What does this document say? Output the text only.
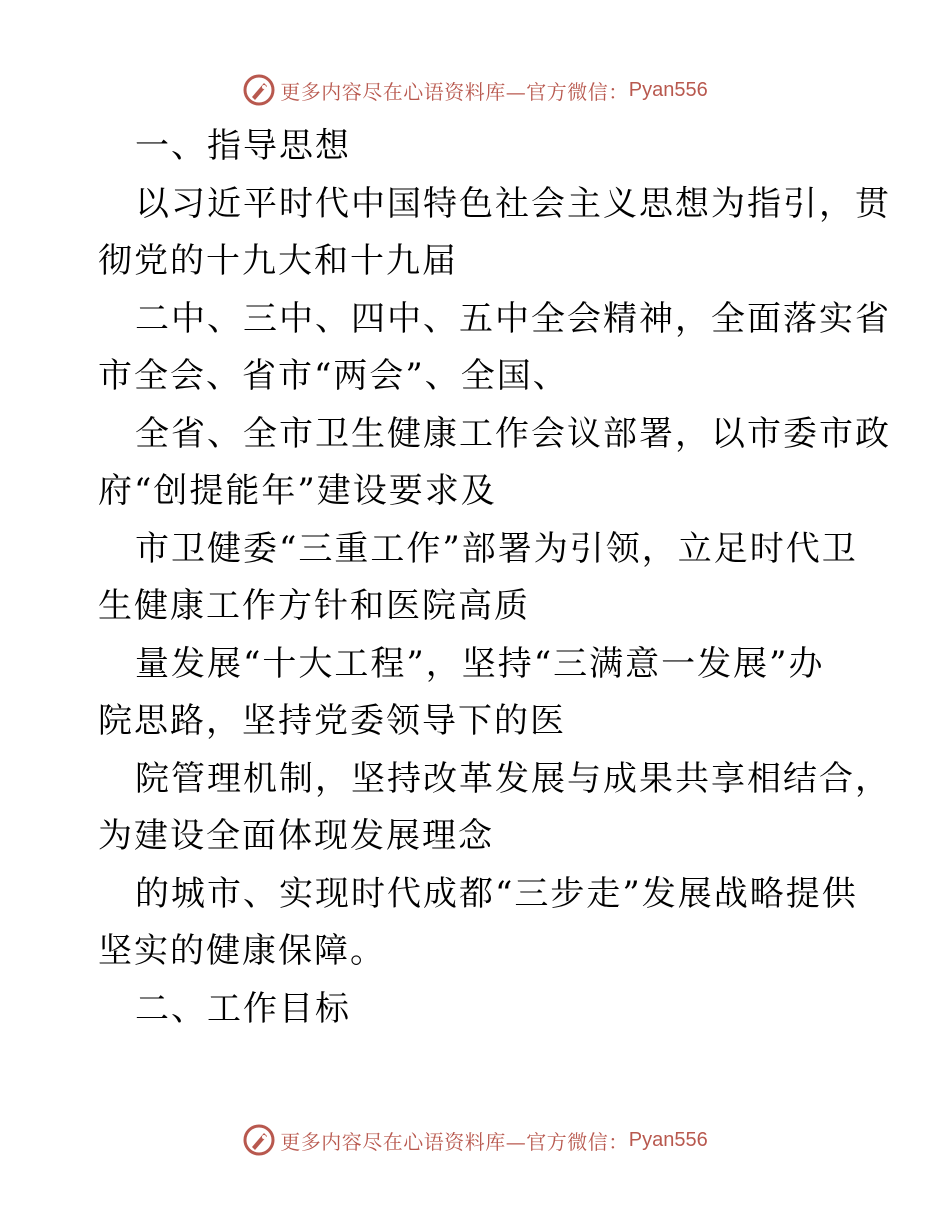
更多内容尽在心语资料库—官方微信： Pyan556
一、指导思想
以习近平时代中国特色社会主义思想为指引，贯
彻党的十九大和十九届
二中、三中、四中、五中全会精神，全面落实省
市全会、省市“两会”、全国、
全省、全市卫生健康工作会议部署，以市委市政
府“创提能年”建设要求及
市卫健委“三重工作”部署为引领，立足时代卫
生健康工作方针和医院高质
量发展“十大工程”，坚持“三满意一发展”办
院思路，坚持党委领导下的医
院管理机制，坚持改革发展与成果共享相结合，
为建设全面体现发展理念
的城市、实现时代成都“三步走”发展战略提供
坚实的健康保障。
二、工作目标
更多内容尽在心语资料库—官方微信： Pyan556
